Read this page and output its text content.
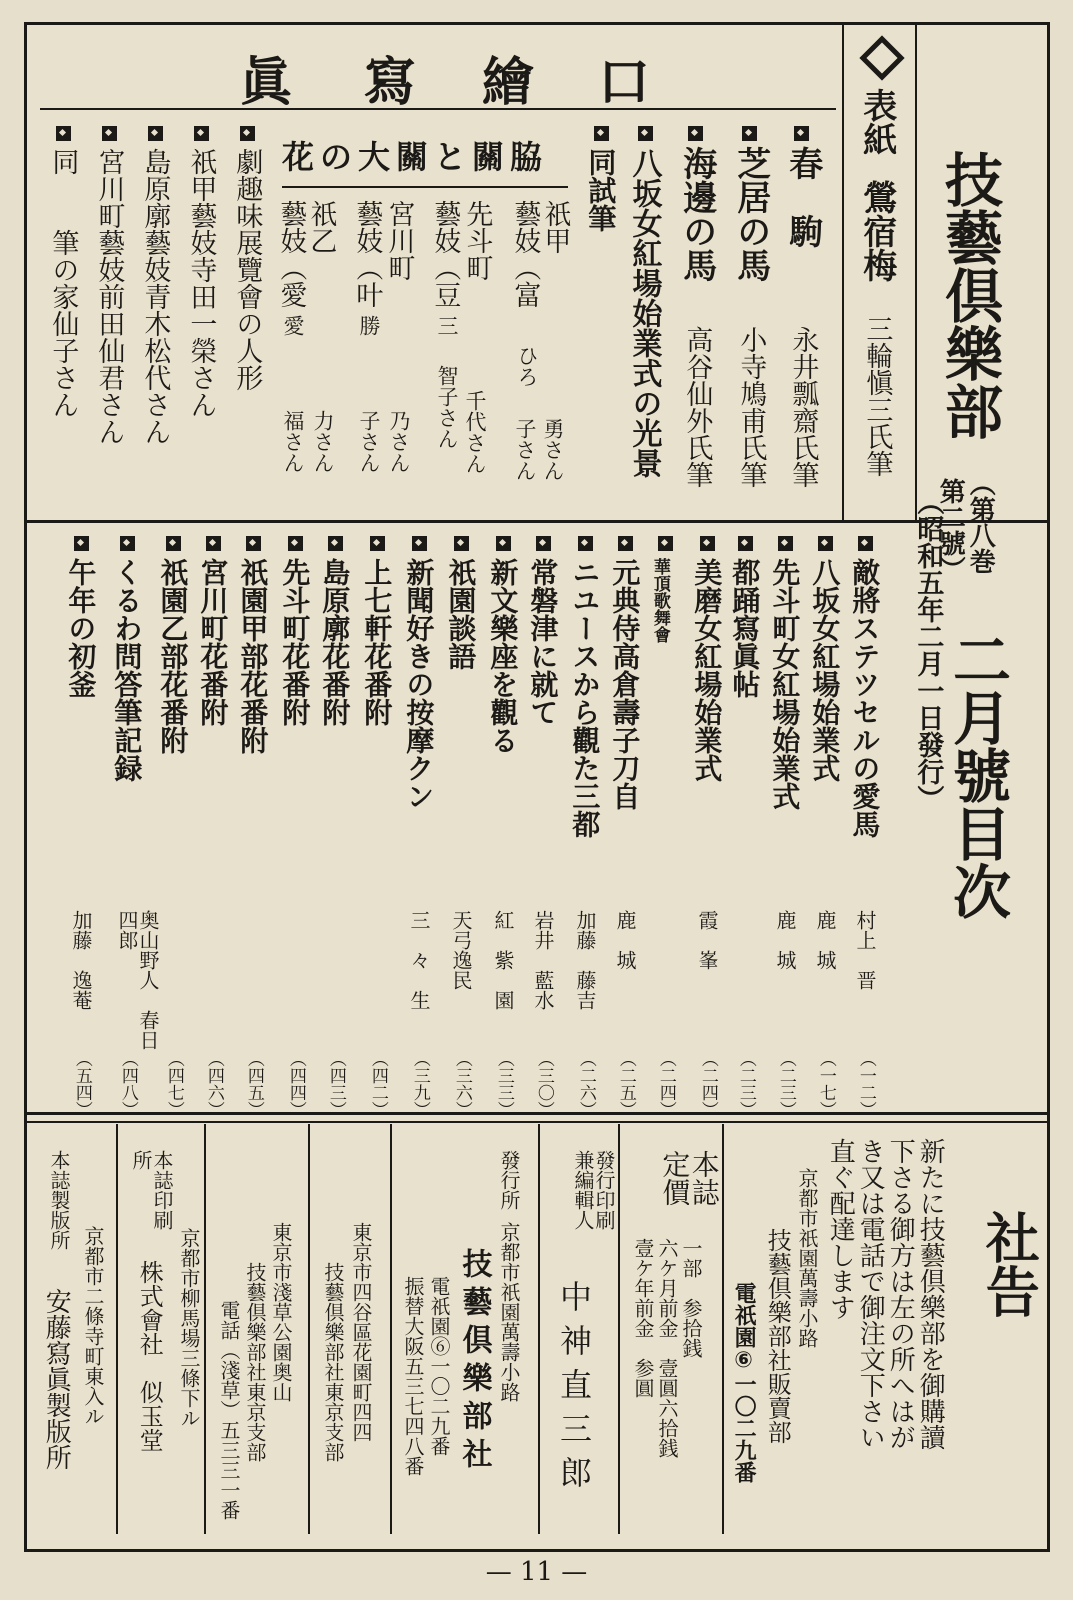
口
繪
寫
眞
技藝倶樂部
（第八巻
第二號）
二月號目次
（昭和五年二月一日發行）
表紙
鶯宿梅
三輪愼三氏筆
春　駒
永井瓢齋氏筆
芝居の馬
小寺鳩甫氏筆
海邊の馬
高谷仙外氏筆
八坂女紅場始業式の光景
同試筆
花の大關と關脇
祇甲
藝妓（富
勇さん
ひろ
子さん
先斗町
藝妓（豆
千代さん
三
智子さん
宮川町
藝妓（叶
乃さん
勝
子さん
祇乙
藝妓（愛
力さん
愛
福さん
劇趣味展覽會の人形
祇甲藝妓寺田一榮さん
島原廓藝妓青木松代さん
宮川町藝妓前田仙君さん
同　　筆の家仙子さん
敵將ステツセルの愛馬
村上　晋
（一二）
八坂女紅場始業式
鹿　城
（一七）
先斗町女紅場始業式
鹿　城
（二三）
都踊寫眞帖
（二三）
美磨女紅場始業式
霞　峯
（二四）
華頂歌舞會
（二四）
元典侍高倉壽子刀自
鹿　城
（二五）
ニユースから觀た三都
加藤　藤吉
（二六）
常磐津に就て
岩井　藍水
（三〇）
新文樂座を觀る
紅　紫　園
（三三）
祇園談語
天弓逸民
（三六）
新聞好きの按摩クン
三　々　生
（三九）
上七軒花番附
（四二）
島原廓花番附
（四三）
先斗町花番附
（四四）
祇園甲部花番附
（四五）
宮川町花番附
（四六）
祇園乙部花番附
（四七）
くるわ問答筆記録
奥山野人　春日四郎
（四八）
午年の初釜
加藤　逸菴
（五四）
社告
新たに技藝倶樂部を御購讀
下さる御方は左の所へはが
き又は電話で御注文下さい
直ぐ配達します
京都市祇園萬壽小路
技藝倶樂部社販賣部
電祇園⑥一〇二九番
本誌定價
一部　参拾銭
六ケ月前金　壹圓六拾銭
壹ケ年前金　参圓
發行印刷兼編輯人
中神直三郎
發行所
京都市祇園萬壽小路
技藝倶樂部社
電祇園⑥一〇二九番
振替大阪五三七四八番
東京市四谷區花園町四四
技藝倶樂部社東京支部
東京市淺草公園奥山
技藝倶樂部社東京支部
電話（淺草）五三三一番
本誌印刷所
京都市柳馬場三條下ル
株式會社　似玉堂
本誌製版所
京都市二條寺町東入ル
安藤寫眞製版所
— 11 —
